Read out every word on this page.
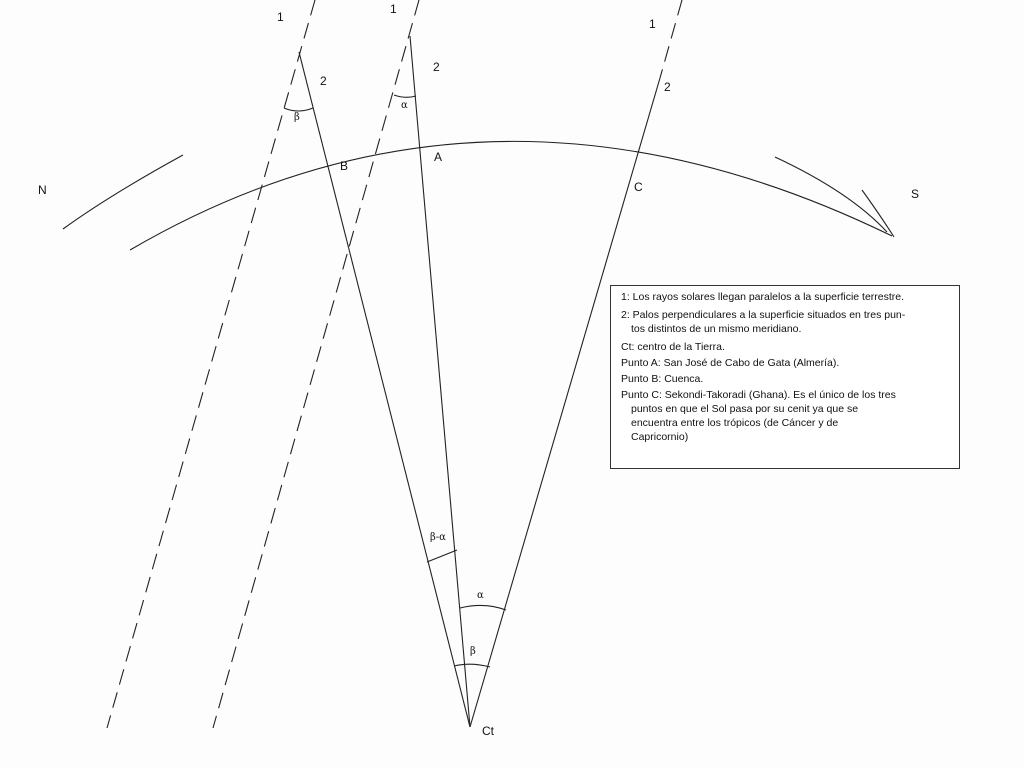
1
1
1
2
2
2
β
α
B
A
C
N	S
β-α
α
β
Ct
1: Los rayos solares llegan paralelos a la superficie terrestre.
2: Palos perpendiculares a la superficie situados en tres pun-
tos distintos de un mismo meridiano.
Ct: centro de la Tierra.
Punto A: San José de Cabo de Gata (Almería).
Punto B: Cuenca.
Punto C: Sekondi-Takoradi (Ghana). Es el único de los tres
puntos en que el Sol pasa por su cenit ya que se
encuentra entre los trópicos (de Cáncer y de
Capricornio)
